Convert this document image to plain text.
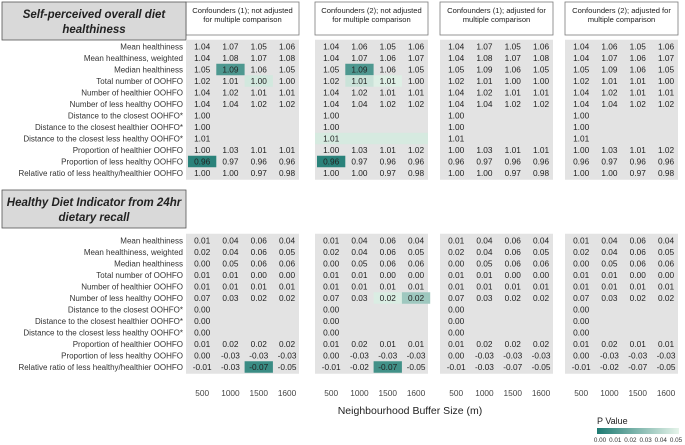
Confounders (1); not adjusted for multiple comparison
Confounders (2); not adjusted for multiple comparison
Confounders (1); adjusted for multiple comparison
Confounders (2); adjusted for multiple comparison
Self-perceived overall diet
healthiness
Mean healthiness 1.04 1.07 1.05 1.06	1.04 1.06 1.05 1.06	1.04 1.07 1.05 1.06	1.04 1.06 1.05 1.06
Mean healthiness, weighted 1.04 1.08 1.07 1.08	1.04 1.07 1.06 1.07	1.04 1.08 1.07 1.08	1.04 1.07 1.06 1.07
Median healthiness 1.05 1.09 1.06 1.05	1.05 1.09 1.06 1.05	1.05 1.09 1.06 1.05	1.05 1.09 1.06 1.05
Total number of OOHFO 1.02 1.01 1.00 1.00	1.02 1.01 1.01 1.00	1.02 1.01 1.00 1.00	1.02 1.01 1.01 1.00
Number of healthier OOHFO 1.04 1.02 1.01 1.01	1.04 1.02 1.01 1.01	1.04 1.02 1.01 1.01	1.04 1.02 1.01 1.01
Number of less healthy OOHFO 1.04 1.04 1.02 1.02	1.04 1.04 1.02 1.02	1.04 1.04 1.02 1.02	1.04 1.04 1.02 1.02
Distance to the closest OOHFO* 1.00	1.00	1.00	1.00
Distance to the closest healthier OOHFO* 1.00	1.00	1.00	1.00
Distance to the closest less healthy OOHFO* 1.01	1.01	1.01	1.01
Proportion of healthier OOHFO 1.00 1.03 1.01 1.01	1.00 1.03 1.01 1.02	1.00 1.03 1.01 1.01	1.00 1.03 1.01 1.02
Proportion of less healthy OOHFO 0.96 0.97 0.96 0.96	0.96 0.97 0.96 0.96	0.96 0.97 0.96 0.96	0.96 0.97 0.96 0.96
Relative ratio of less healthy/healthier OOHFO 1.00 1.00 0.97 0.98	1.00 1.00 0.97 0.98	1.00 1.00 0.97 0.98	1.00 1.00 0.97 0.98
Healthy Diet Indicator from 24hr
dietary recall
Mean healthiness 0.01 0.04 0.06 0.04	0.01 0.04 0.06 0.04	0.01 0.04 0.06 0.04	0.01 0.04 0.06 0.04
Mean healthiness, weighted 0.02 0.04 0.06 0.05	0.02 0.04 0.06 0.05	0.02 0.04 0.06 0.05	0.02 0.04 0.06 0.05
Median healthiness 0.00 0.05 0.06 0.06	0.00 0.05 0.06 0.06	0.00 0.05 0.06 0.06	0.00 0.05 0.06 0.06
Total number of OOHFO 0.01 0.01 0.00 0.00	0.01 0.01 0.00 0.00	0.01 0.01 0.00 0.00	0.01 0.01 0.00 0.00
Number of healthier OOHFO 0.01 0.01 0.01 0.01	0.01 0.01 0.01 0.01	0.01 0.01 0.01 0.01	0.01 0.01 0.01 0.01
Number of less healthy OOHFO 0.07 0.03 0.02 0.02	0.07 0.03 0.02 0.02	0.07 0.03 0.02 0.02	0.07 0.03 0.02 0.02
Distance to the closest OOHFO* 0.00	0.00	0.00	0.00
Distance to the closest healthier OOHFO* 0.00	0.00	0.00	0.00
Distance to the closest less healthy OOHFO* 0.00	0.00	0.00	0.00
Proportion of healthier OOHFO 0.01 0.02 0.02 0.02	0.01 0.02 0.01 0.01	0.01 0.02 0.02 0.02	0.01 0.02 0.01 0.01
Proportion of less healthy OOHFO 0.00 -0.03 -0.03 -0.03	0.00 -0.03 -0.03 -0.03	0.00 -0.03 -0.03 -0.03	0.00 -0.03 -0.03 -0.03
Relative ratio of less healthy/healthier OOHFO -0.01 -0.03 -0.07 -0.05	-0.01 -0.02 -0.07 -0.05	-0.01 -0.03 -0.07 -0.05	-0.01 -0.02 -0.07 -0.05
500 1000 1500 1600	500 1000 1500 1600	500 1000 1500 1600	500 1000 1500 1600
Neighbourhood Buffer Size (m)
P Value
0.00 0.01 0.02 0.03 0.04 0.05
